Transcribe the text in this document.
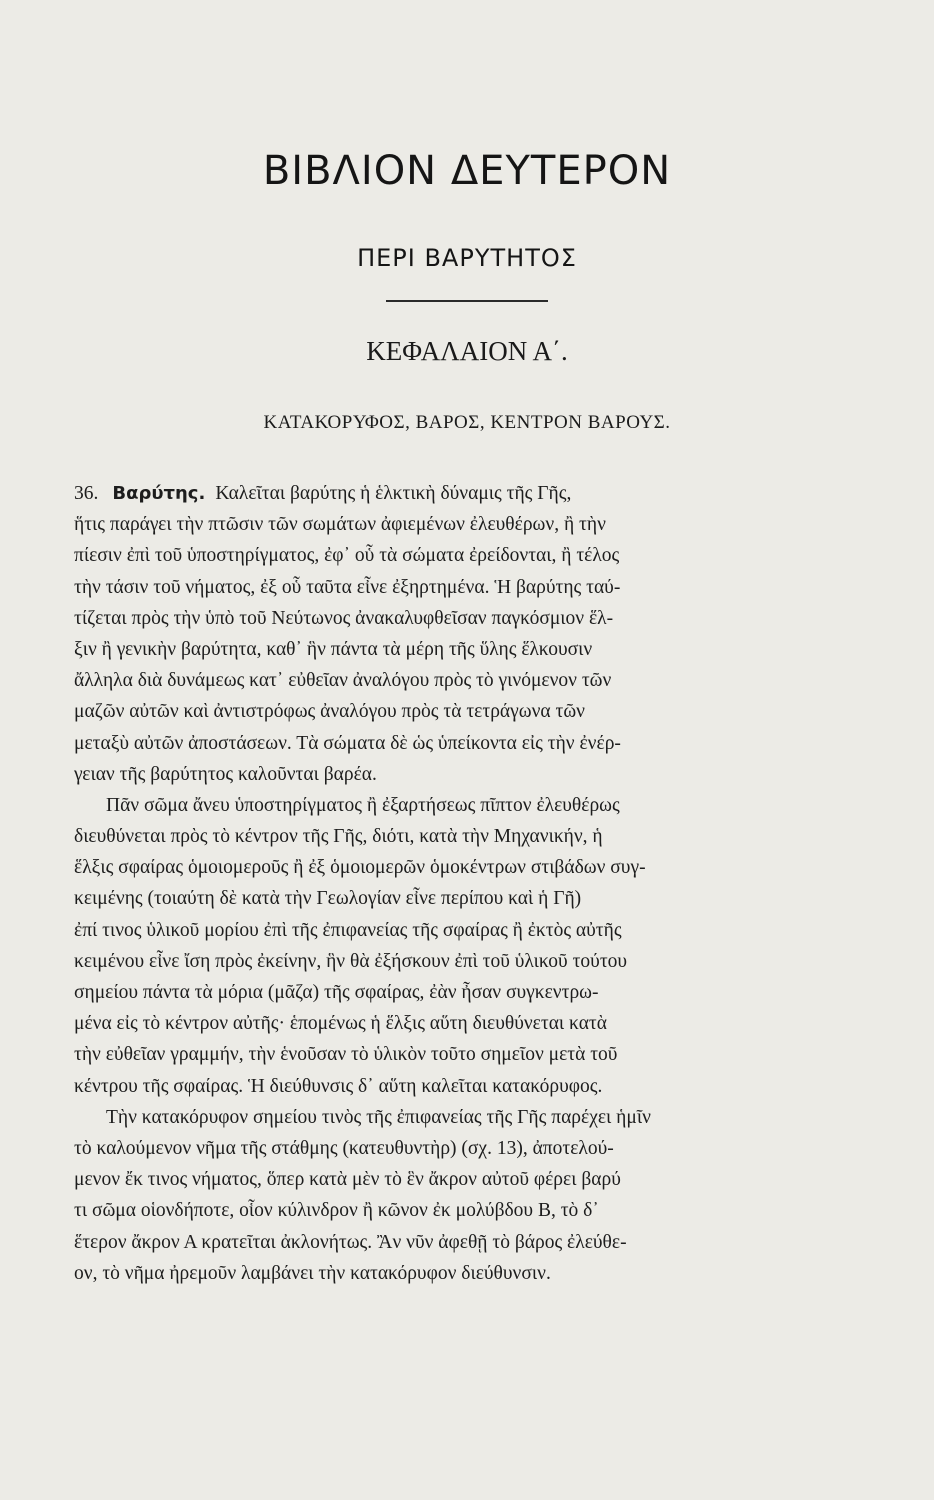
ΒΙΒΛΙΟΝ ΔΕΥΤΕΡΟΝ
ΠΕΡΙ ΒΑΡΥΤΗΤΟΣ
ΚΕΦΑΛΑΙΟΝ Α΄.
ΚΑΤΑΚΟΡΥΦΟΣ, ΒΑΡΟΣ, ΚΕΝΤΡΟΝ ΒΑΡΟΥΣ.
36. Βαρύτης. Καλεῖται βαρύτης ἡ ἑλκτικὴ δύναμις τῆς Γῆς,
ἥτις παράγει τὴν πτῶσιν τῶν σωμάτων ἀφιεμένων ἐλευθέρων, ἢ τὴν
πίεσιν ἐπὶ τοῦ ὑποστηρίγματος, ἐφ᾽ οὗ τὰ σώματα ἐρείδονται, ἢ τέλος
τὴν τάσιν τοῦ νήματος, ἐξ οὗ ταῦτα εἶνε ἐξηρτημένα. Ἡ βαρύτης ταύ-
τίζεται πρὸς τὴν ὑπὸ τοῦ Νεύτωνος ἀνακαλυφθεῖσαν παγκόσμιον ἕλ-
ξιν ἢ γενικὴν βαρύτητα, καθ᾽ ἣν πάντα τὰ μέρη τῆς ὕλης ἕλκουσιν
ἄλληλα διὰ δυνάμεως κατ᾽ εὐθεῖαν ἀναλόγου πρὸς τὸ γινόμενον τῶν
μαζῶν αὐτῶν καὶ ἀντιστρόφως ἀναλόγου πρὸς τὰ τετράγωνα τῶν
μεταξὺ αὐτῶν ἀποστάσεων. Τὰ σώματα δὲ ὡς ὑπείκοντα εἰς τὴν ἐνέρ-
γειαν τῆς βαρύτητος καλοῦνται βαρέα.
Πᾶν σῶμα ἄνευ ὑποστηρίγματος ἢ ἐξαρτήσεως πῖπτον ἐλευθέρως
διευθύνεται πρὸς τὸ κέντρον τῆς Γῆς, διότι, κατὰ τὴν Μηχανικήν, ἡ
ἕλξις σφαίρας ὁμοιομεροῦς ἢ ἐξ ὁμοιομερῶν ὁμοκέντρων στιβάδων συγ-
κειμένης (τοιαύτη δὲ κατὰ τὴν Γεωλογίαν εἶνε περίπου καὶ ἡ Γῆ)
ἐπί τινος ὑλικοῦ μορίου ἐπὶ τῆς ἐπιφανείας τῆς σφαίρας ἢ ἐκτὸς αὐτῆς
κειμένου εἶνε ἴση πρὸς ἐκείνην, ἣν θὰ ἐξήσκουν ἐπὶ τοῦ ὑλικοῦ τούτου
σημείου πάντα τὰ μόρια (μᾶζα) τῆς σφαίρας, ἐὰν ἦσαν συγκεντρω-
μένα εἰς τὸ κέντρον αὐτῆς· ἑπομένως ἡ ἕλξις αὕτη διευθύνεται κατὰ
τὴν εὐθεῖαν γραμμήν, τὴν ἑνοῦσαν τὸ ὑλικὸν τοῦτο σημεῖον μετὰ τοῦ
κέντρου τῆς σφαίρας. Ἡ διεύθυνσις δ᾽ αὕτη καλεῖται κατακόρυφος.
Τὴν κατακόρυφον σημείου τινὸς τῆς ἐπιφανείας τῆς Γῆς παρέχει ἡμῖν
τὸ καλούμενον νῆμα τῆς στάθμης (κατευθυντὴρ) (σχ. 13), ἀποτελού-
μενον ἔκ τινος νήματος, ὅπερ κατὰ μὲν τὸ ἓν ἄκρον αὐτοῦ φέρει βαρύ
τι σῶμα οἱονδήποτε, οἷον κύλινδρον ἢ κῶνον ἐκ μολύβδου Β, τὸ δ᾽
ἕτερον ἄκρον Α κρατεῖται ἀκλονήτως. Ἂν νῦν ἀφεθῇ τὸ βάρος ἐλεύθε-
ον, τὸ νῆμα ἠρεμοῦν λαμβάνει τὴν κατακόρυφον διεύθυνσιν.
